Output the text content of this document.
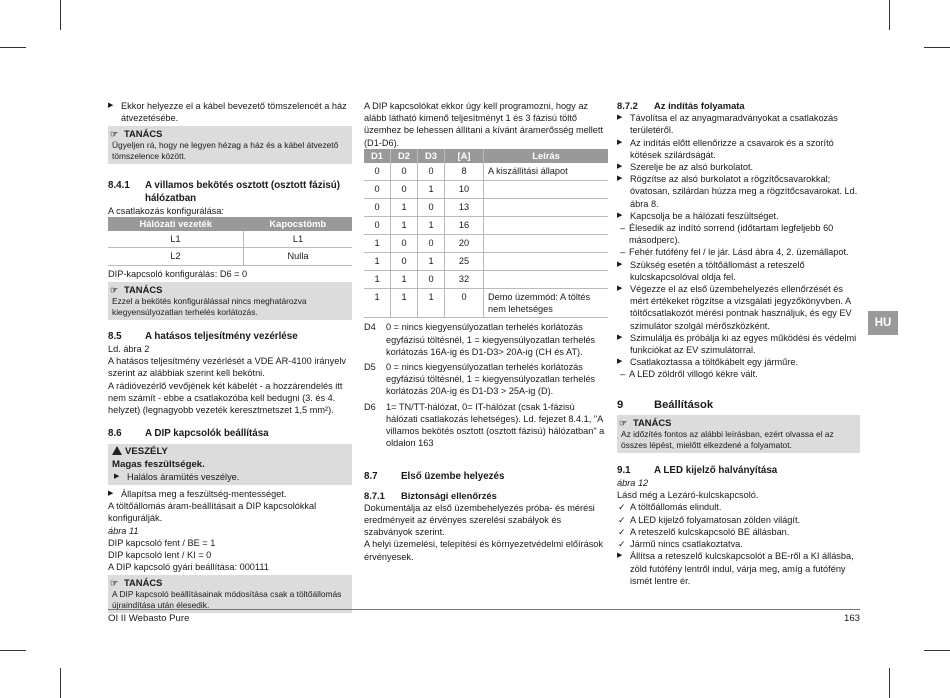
▶ Ekkor helyezze el a kábel bevezető tömszelencét a ház átvezetésébe.

☞ TANÁCS
Ügyeljen rá, hogy ne legyen hézag a ház és a kábel átvezető tömszelence között.
8.4.1	A villamos bekötés osztott (osztott fázisú) hálózatban

A csatlakozás konfigurálása:

Hálózati vezeték	Kapocstömb
L1	L1
L2	Nulla

DIP-kapcsoló konfigurálás: D6 = 0

☞ TANÁCS
Ezzel a bekötés konfigurálással nincs meghatározva kiegyensúlyozatlan terhelés korlátozás.
8.5	A hatásos teljesítmény vezérlése

Ld. ábra 2

A hatásos teljesítmény vezérlését a VDE AR-4100 irányelv szerint az alábbiak szerint kell bekötni.

A rádióvezérlő vevőjének két kábelét - a hozzárendelés itt nem számít - ebbe a csatlakozóba kell bedugni (3. és 4. helyzet) (legnagyobb vezeték keresztmetszet 1,5 mm²).

8.6	A DIP kapcsolók beállítása
VESZÉLY
Magas feszültségek.

▶ Halálos áramütés veszélye.

▶ Állapítsa meg a feszültség-mentességet.

A töltőállomás áram-beállításait a DIP kapcsolókkal konfigurálják.

ábra 11

DIP kapcsoló fent / BE = 1

DIP kapcsoló lent / KI = 0

A DIP kapcsoló gyári beállítása: 000111

☞ TANÁCS
A DIP kapcsoló beállításainak módosítása csak a töltőállomás újraindítása után élesedik.

A DIP kapcsolókat ekkor úgy kell programozni, hogy az alább látható kimenő teljesítményt 1 és 3 fázisú töltő üzemhez be lehessen állítani a kívánt áramerősség mellett (D1-D6).

D1	D2	D3	[A]	Leírás
0	0	0	8	A kiszállítási állapot
0	0	1	10	
0	1	0	13	
0	1	1	16	
1	0	0	20	
1	0	1	25	
1	1	0	32	
1	1	1	0	Demo üzemmód: A töltés nem lehetséges
D4	0 = nincs kiegyensúlyozatlan terhelés korlátozás egyfázisú töltésnél, 1 = kiegyensúlyozatlan terhelés korlátozás 16A-ig és D1-D3> 20A-ig (CH és AT).
D5	0 = nincs kiegyensúlyozatlan terhelés korlátozás egyfázisú töltésnél, 1 = kiegyensúlyozatlan terhelés korlátozás 20A-ig és D1-D3 > 25A-ig (D).
D6	1= TN/TT-hálózat, 0= IT-hálózat (csak 1-fázisú hálózati csatlakozás lehetséges). Ld. fejezet 8.4.1, "A villamos bekötés osztott (osztott fázisú) hálózatban" a oldalon 163
8.7	Első üzembe helyezés
8.7.1	Biztonsági ellenőrzés

Dokumentálja az első üzembehelyezés próba- és mérési eredményeit az érvényes szerelési szabályok és szabványok szerint.

A helyi üzemelési, telepítési és környezetvédelmi előírások érvényesek.

8.7.2	Az indítás folyamata

▶ Távolítsa el az anyagmaradványokat a csatlakozás területéről.

▶ Az indítás előtt ellenőrizze a csavarok és a szorító kötések szilárdságát.

▶ Szerelje be az alsó burkolatot.

▶ Rögzítse az alsó burkolatot a rögzítőcsavarokkal; óvatosan, szilárdan húzza meg a rögzítőcsavarokat. Ld. ábra 8.

▶ Kapcsolja be a hálózati feszültséget.

– Élesedik az indító sorrend (időtartam legfeljebb 60 másodperc).

– Fehér futófény fel / le jár. Lásd ábra 4, 2. üzemállapot.

▶ Szükség esetén a töltőállomást a reteszelő kulcskapcsolóval oldja fel.

▶ Végezze el az első üzembehelyezés ellenőrzését és mért értékeket rögzítse a vizsgálati jegyzőkönyvben. A töltőcsatlakozót mérési pontnak használjuk, és egy EV szimulátor szolgál mérőszközként.

▶ Szimulálja és próbálja ki az egyes működési és védelmi funkciókat az EV szimulátorral.

▶ Csatlakoztassa a töltőkábelt egy járműre.

– A LED zöldről villogó kékre vált.

9	Beállítások
☞ TANÁCS
Az időzítés fontos az alábbi leírásban, ezért olvassa el az összes lépést, mielőtt elkezdené a folyamatot.
9.1	A LED kijelző halványítása

ábra 12

Lásd még a Lezáró-kulcskapcsoló.

✓ A töltőállomás elindult.

✓ A LED kijelző folyamatosan zölden világít.

✓ A reteszelő kulcskapcsoló BE állásban.

✓ Jármű nincs csatlakoztatva.

▶ Állítsa a reteszelő kulcskapcsolót a BE-ről a KI állásba, zöld futófény lentről indul, várja meg, amíg a futófény ismét lentre ér.

HU
OI II Webasto Pure	163
